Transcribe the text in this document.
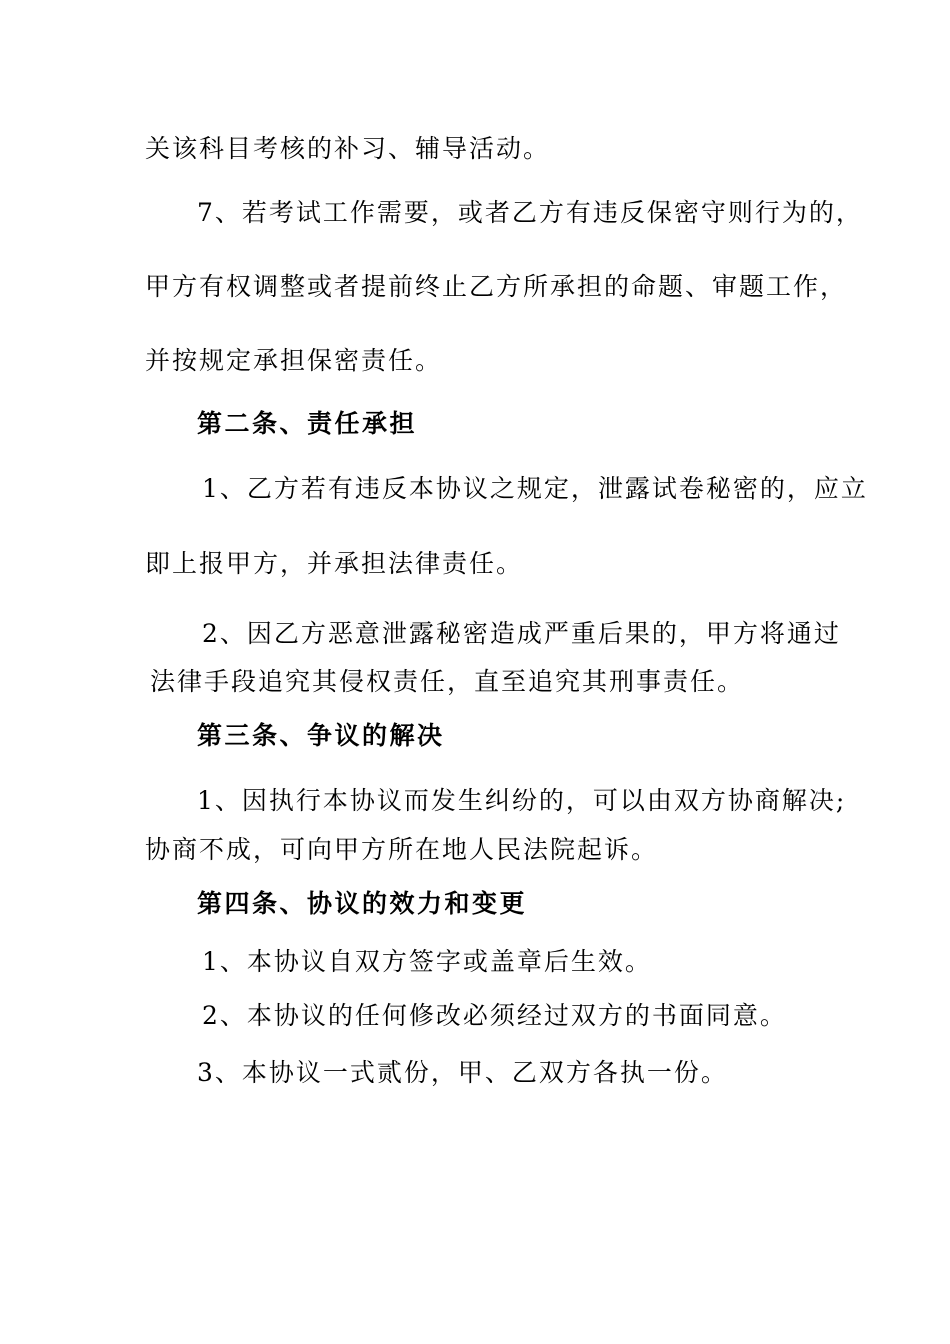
关该科目考核的补习、辅导活动。
7、若考试工作需要，或者乙方有违反保密守则行为的，
甲方有权调整或者提前终止乙方所承担的命题、审题工作，
并按规定承担保密责任。
第二条、责任承担
1、乙方若有违反本协议之规定，泄露试卷秘密的，应立
即上报甲方，并承担法律责任。
2、因乙方恶意泄露秘密造成严重后果的，甲方将通过
法律手段追究其侵权责任，直至追究其刑事责任。
第三条、争议的解决
1、因执行本协议而发生纠纷的，可以由双方协商解决;
协商不成，可向甲方所在地人民法院起诉。
第四条、协议的效力和变更
1、本协议自双方签字或盖章后生效。
2、本协议的任何修改必须经过双方的书面同意。
3、本协议一式贰份，甲、乙双方各执一份。
